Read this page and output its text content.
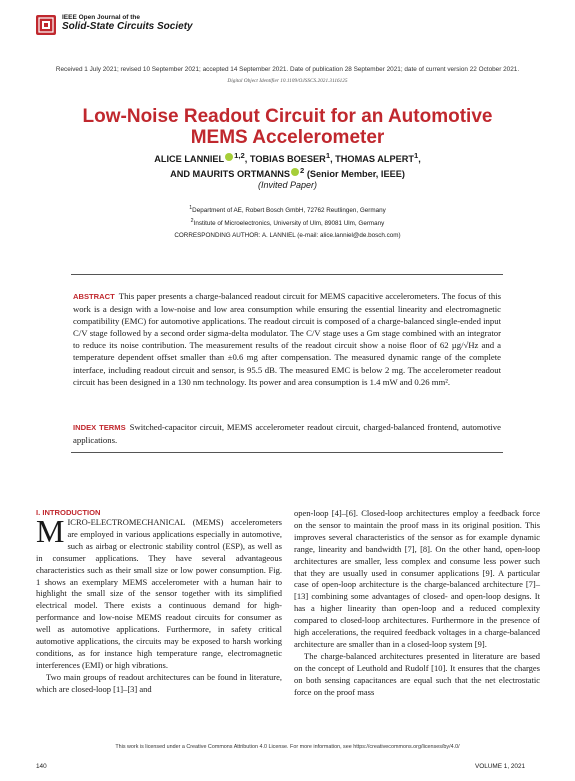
IEEE Open Journal of the
Solid-State Circuits Society
Received 1 July 2021; revised 10 September 2021; accepted 14 September 2021. Date of publication 28 September 2021; date of current version 22 October 2021.
Digital Object Identifier 10.1109/OJSSCS.2021.3116125
Low-Noise Readout Circuit for an Automotive
MEMS Accelerometer
ALICE LANNIEL $^{1,2}$, TOBIAS BOESER$^1$, THOMAS ALPERT$^1$,
AND MAURITS ORTMANNS $^2$ (Senior Member, IEEE)
(Invited Paper)
$^1$Department of AE, Robert Bosch GmbH, 72762 Reutlingen, Germany
$^2$Institute of Microelectronics, University of Ulm, 89081 Ulm, Germany
CORRESPONDING AUTHOR: A. LANNIEL (e-mail: alice.lanniel@de.bosch.com)
ABSTRACT This paper presents a charge-balanced readout circuit for MEMS capacitive accelerometers. The focus of this work is a design with a low-noise and low area consumption while ensuring the essential linearity and electromagnetic compatibility (EMC) for automotive applications. The readout circuit is composed of a charge-balanced single-ended input C/V stage followed by a second order sigma-delta modulator. The C/V stage uses a Gm stage combined with an integrator to reduce its noise contribution. The measurement results of the readout circuit show a noise floor of 62 µg/√Hz and a temperature dependent offset smaller than ±0.6 mg after compensation. The measured dynamic range of the complete interface, including readout circuit and sensor, is 95.5 dB. The measured EMC is below 2 mg. The accelerometer readout circuit has been designed in a 130 nm technology. Its power and area consumption is 1.4 mW and 0.26 mm².
INDEX TERMS Switched-capacitor circuit, MEMS accelerometer readout circuit, charged-balanced frontend, automotive applications.
I. INTRODUCTION

MICRO-ELECTROMECHANICAL (MEMS) accelerometers are employed in various applications especially in automotive, such as airbag or electronic stability control (ESP), as well as in consumer applications. They have several advantageous characteristics such as their small size or low power consumption. Fig. 1 shows an exemplary MEMS accelerometer with a human hair to highlight the small size of the sensor together with its simplified electrical model. There exists a continuous demand for high-performance and low-noise MEMS readout circuits for consumer as well as automotive applications. Furthermore, in safety critical automotive applications, the circuits may be exposed to harsh working conditions, as for instance high temperature range, electromagnetic interferences (EMI) or high vibrations.

Two main groups of readout architectures can be found in literature, which are closed-loop [1]–[3] and

open-loop [4]–[6]. Closed-loop architectures employ a feedback force on the sensor to maintain the proof mass in its original position. This improves several characteristics of the sensor as for example dynamic range, linearity and bandwidth [7], [8]. On the other hand, open-loop architectures are smaller, less complex and consume less power such that they are usually used in consumer applications [9]. A particular case of open-loop architecture is the charge-balanced architecture [7]–[13] combining some advantages of closed- and open-loop designs. It has a higher linearity than open-loop and a reduced complexity compared to closed-loop architectures. Furthermore in the presence of high accelerations, the required feedback voltages in a charge-balanced architecture are smaller than in a closed-loop system [9].

The charge-balanced architectures presented in literature are based on the concept of Leuthold and Rudolf [10]. It ensures that the charges on both sensing capacitances are equal such that the net electrostatic force on the proof mass

This work is licensed under a Creative Commons Attribution 4.0 License. For more information, see https://creativecommons.org/licenses/by/4.0/
140	VOLUME 1, 2021
